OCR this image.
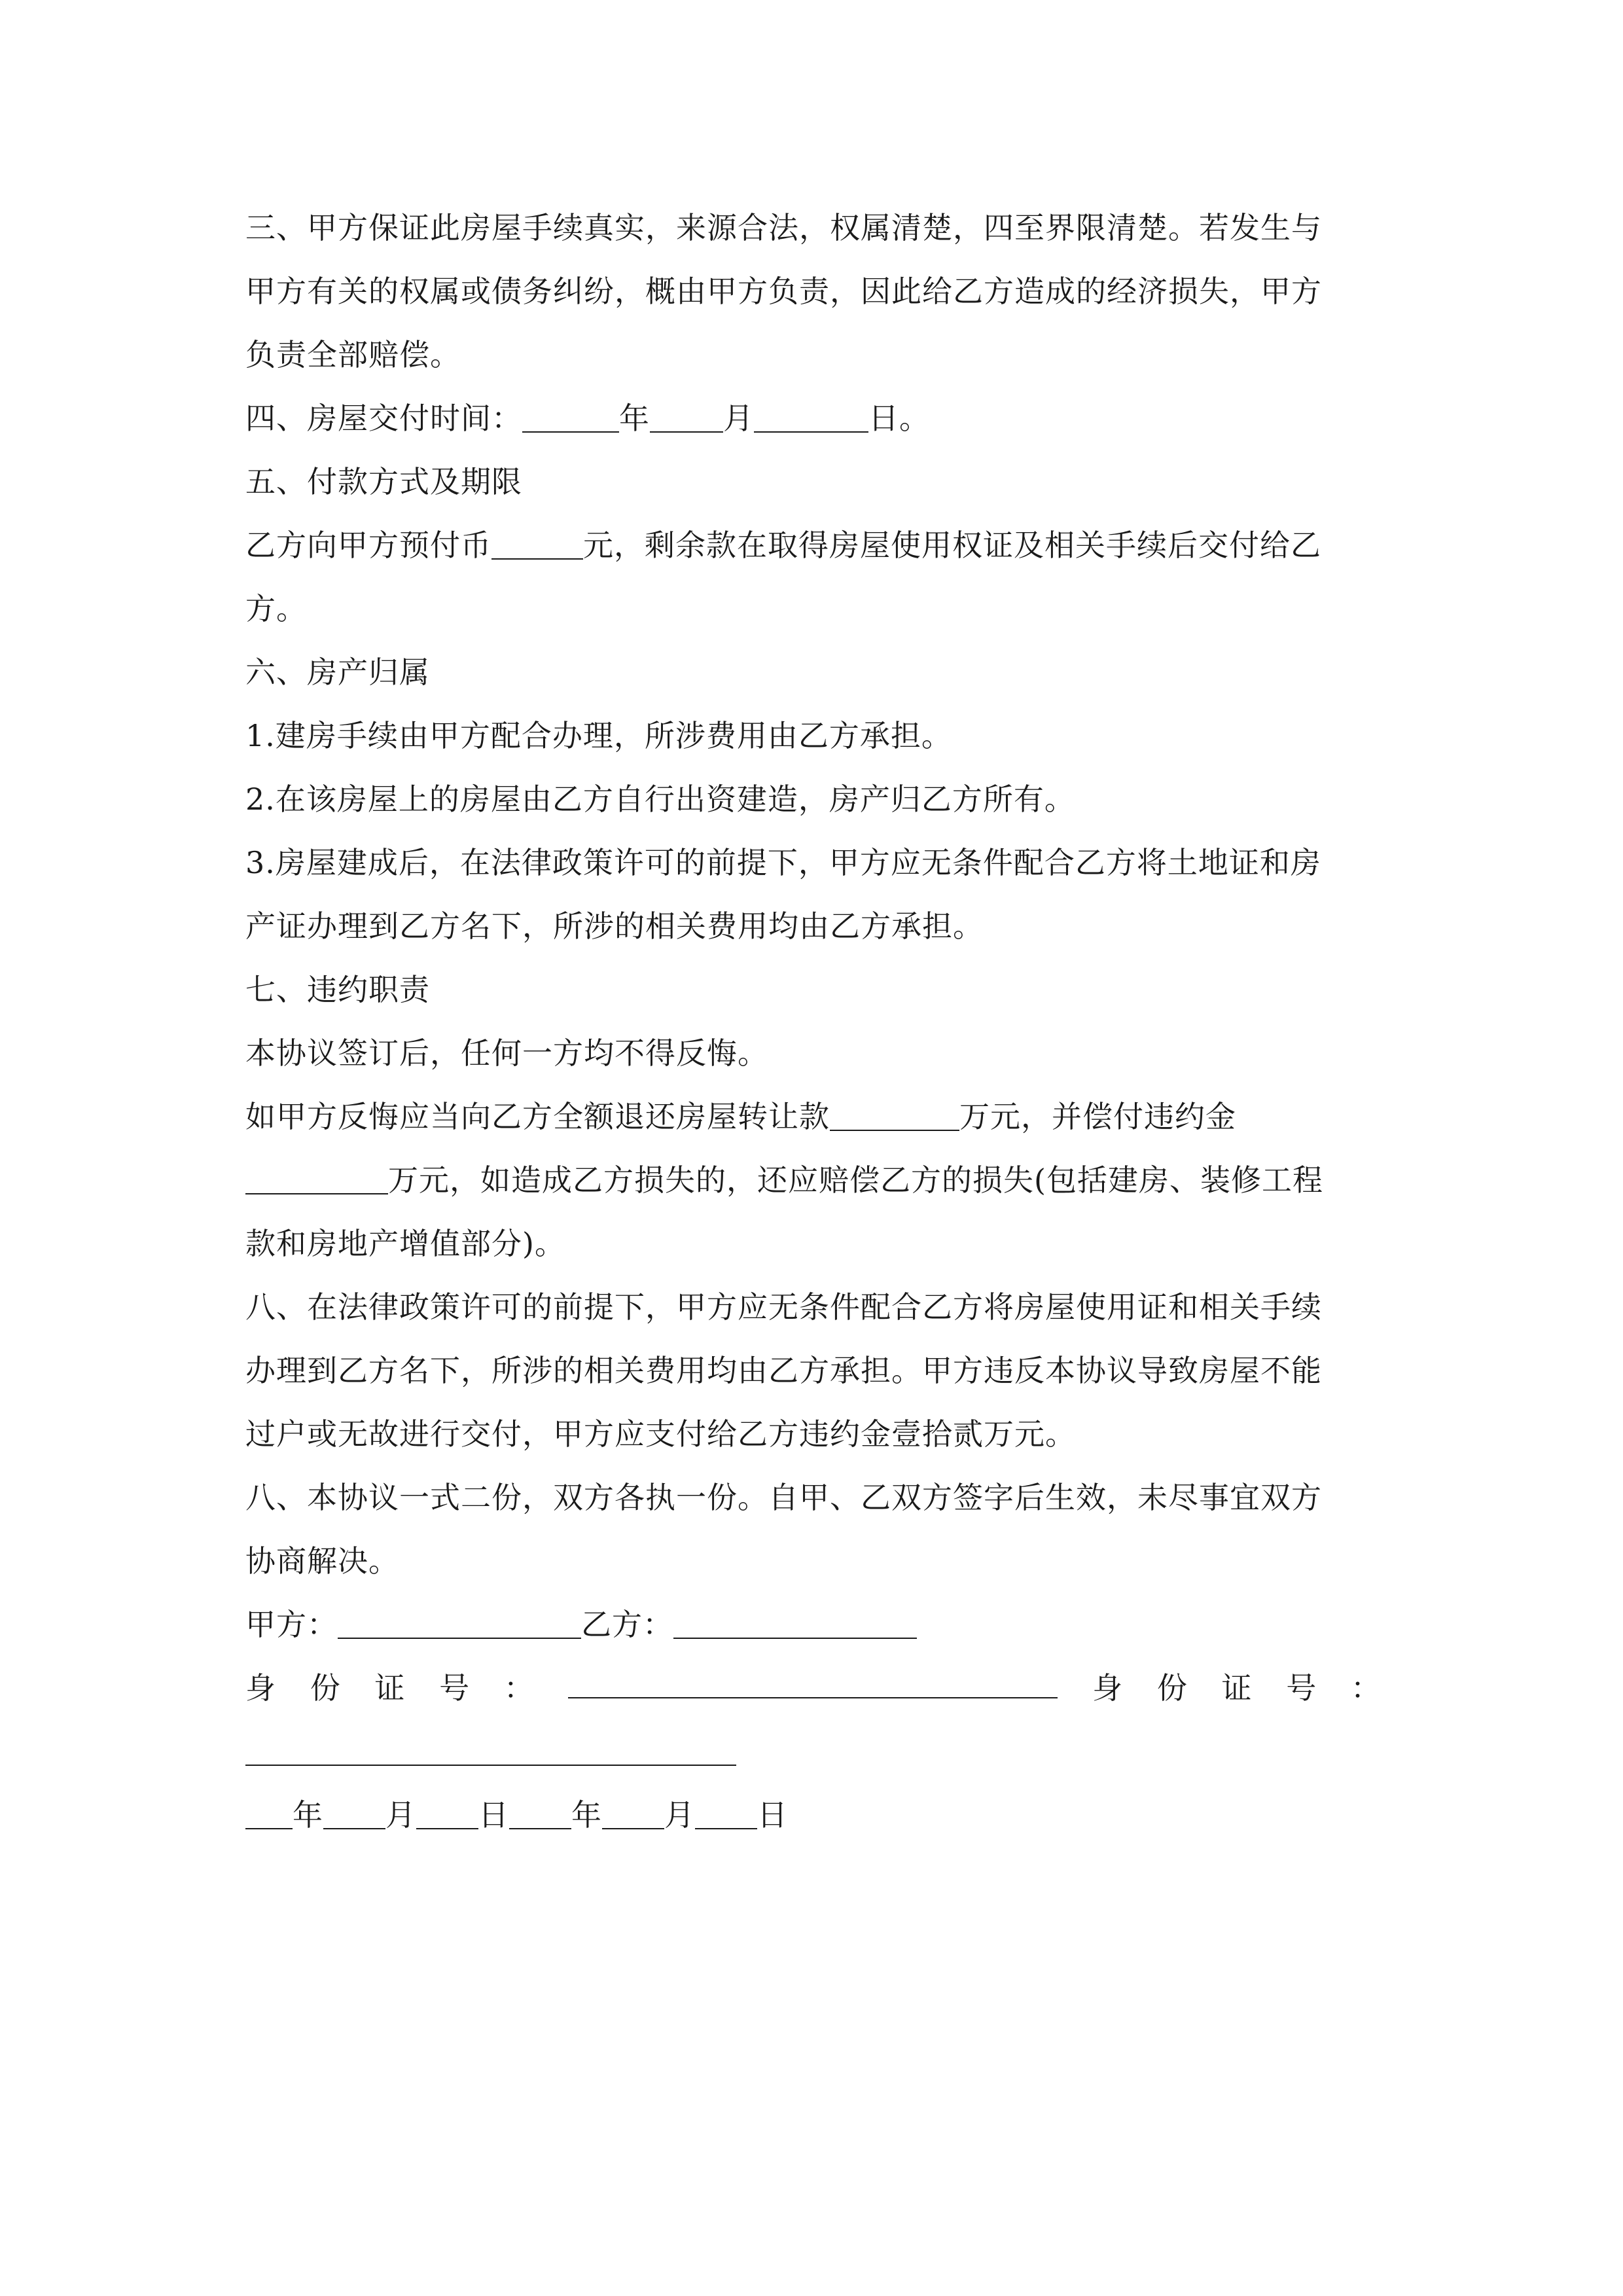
三、甲方保证此房屋手续真实，来源合法，权属清楚，四至界限清楚。若发生与
甲方有关的权属或债务纠纷，概由甲方负责，因此给乙方造成的经济损失，甲方
负责全部赔偿。
四、房屋交付时间：	年 月	日。
五、付款方式及期限
乙方向甲方预付币	元，剩余款在取得房屋使用权证及相关手续后交付给乙
方。
六、房产归属
1.建房手续由甲方配合办理，所涉费用由乙方承担。
2.在该房屋上的房屋由乙方自行出资建造，房产归乙方所有。
3.房屋建成后，在法律政策许可的前提下，甲方应无条件配合乙方将土地证和房
产证办理到乙方名下，所涉的相关费用均由乙方承担。
七、违约职责
本协议签订后，任何一方均不得反悔。
如甲方反悔应当向乙方全额退还房屋转让款	万元，并偿付违约金
万元，如造成乙方损失的，还应赔偿乙方的损失(包括建房、装修工程
款和房地产增值部分)。
八、在法律政策许可的前提下，甲方应无条件配合乙方将房屋使用证和相关手续
办理到乙方名下，所涉的相关费用均由乙方承担。甲方违反本协议导致房屋不能
过户或无故进行交付，甲方应支付给乙方违约金壹拾贰万元。
八、本协议一式二份，双方各执一份。自甲、乙双方签字后生效，未尽事宜双方
协商解决。
甲方：	乙方：
身 份 证 号 ：	身 份 证 号 ：
年 月 日 年 月 日
